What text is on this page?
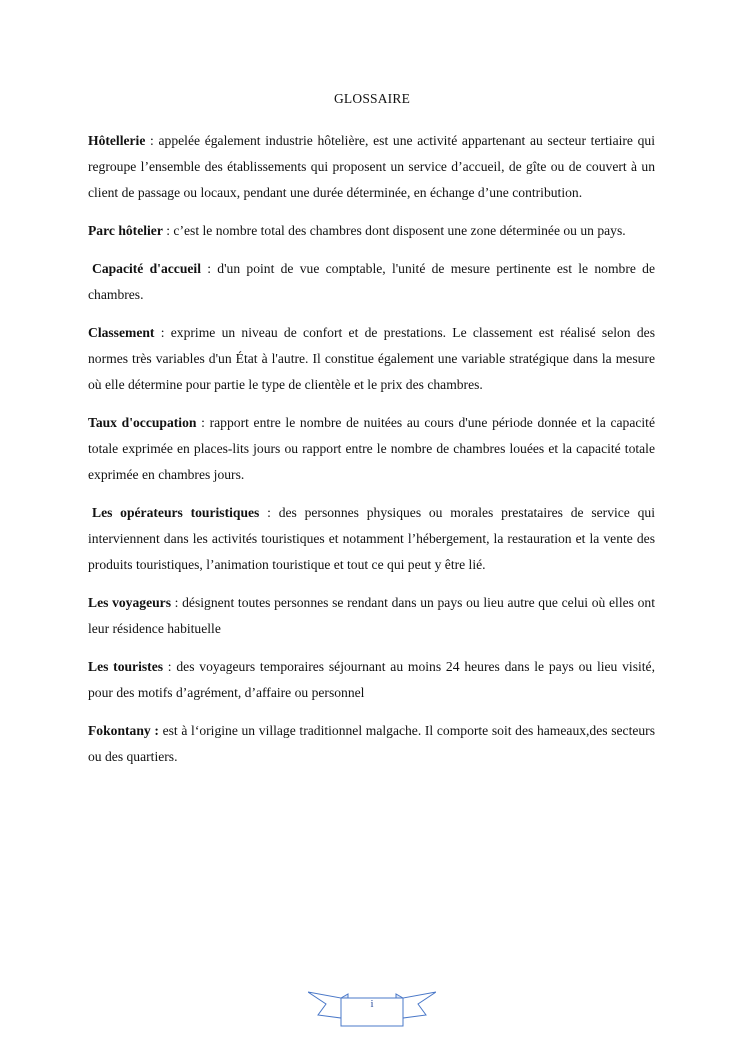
GLOSSAIRE

Hôtellerie : appelée également industrie hôtelière, est une activité appartenant au secteur tertiaire qui regroupe l’ensemble des établissements qui proposent un service d’accueil, de gîte ou de couvert à un client de passage ou locaux, pendant une durée déterminée, en échange d’une contribution.

Parc hôtelier : c’est le nombre total des chambres dont disposent une zone déterminée ou un pays.

Capacité d'accueil : d'un point de vue comptable, l'unité de mesure pertinente est le nombre de chambres.

Classement : exprime un niveau de confort et de prestations. Le classement est réalisé selon des normes très variables d'un État à l'autre. Il constitue également une variable stratégique dans la mesure où elle détermine pour partie le type de clientèle et le prix des chambres.

Taux d'occupation : rapport entre le nombre de nuitées au cours d'une période donnée et la capacité totale exprimée en places-lits jours ou rapport entre le nombre de chambres louées et la capacité totale exprimée en chambres jours.

Les opérateurs touristiques : des personnes physiques ou morales prestataires de service qui interviennent dans les activités touristiques et notamment l’hébergement, la restauration et la vente des produits touristiques, l’animation touristique et tout ce qui peut y être lié.

Les voyageurs : désignent toutes personnes se rendant dans un pays ou lieu autre que celui où elles ont leur résidence habituelle

Les touristes : des voyageurs temporaires séjournant au moins 24 heures dans le pays ou lieu visité, pour des motifs d’agrément, d’affaire ou personnel

Fokontany : est à l‘origine un village traditionnel malgache. Il comporte soit des hameaux,des secteurs ou des quartiers.

i
